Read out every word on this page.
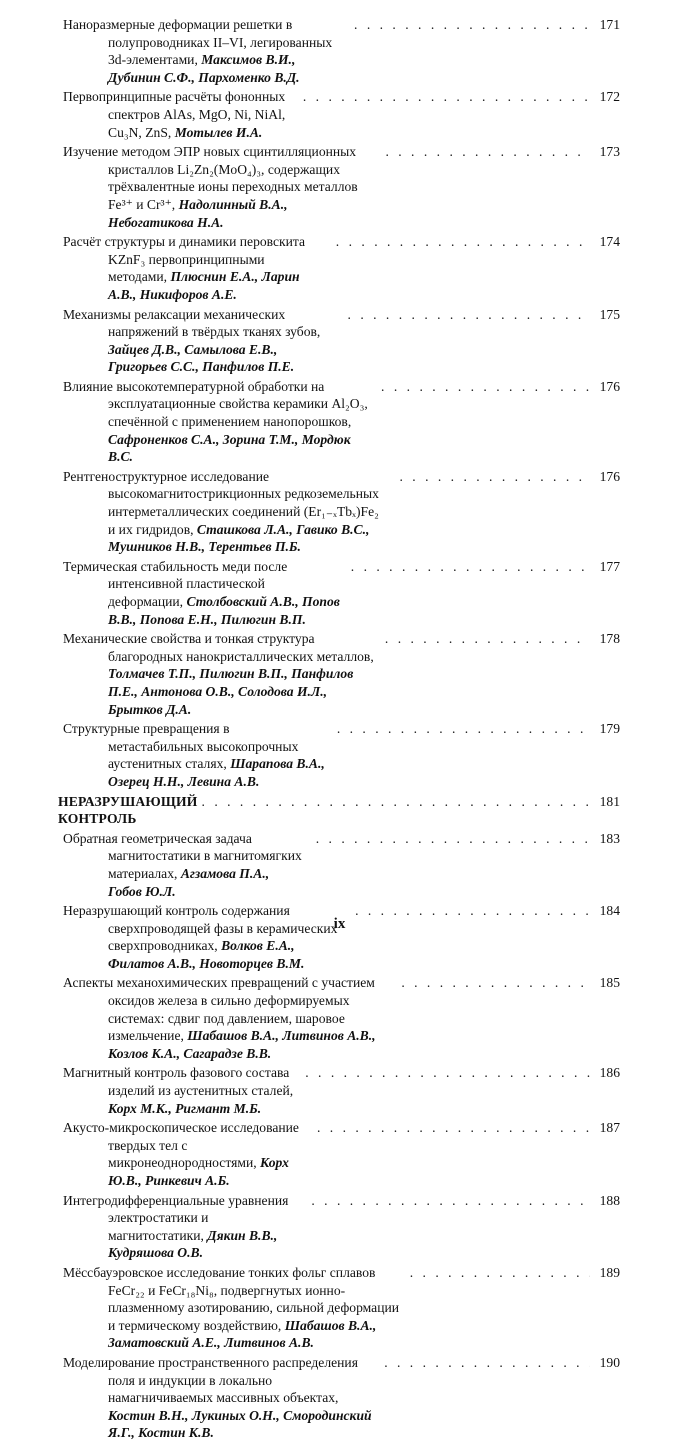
Наноразмерные деформации решетки в полупроводниках II–VI, легированных 3d-элементами, Максимов В.И., Дубинин С.Ф., Пархоменко В.Д.
. . .
171
Первопринципные расчёты фононных спектров AlAs, MgO, Ni, NiAl, Cu₃N, ZnS, Мотылев И.А.
. . .
172
Изучение методом ЭПР новых сцинтилляционных кристаллов Li₂Zn₂(MoO₄)₃, содержащих трёхвалентные ионы переходных металлов Fe³⁺ и Cr³⁺, Надолинный В.А., Небогатикова Н.А.
. . .
173
Расчёт структуры и динамики перовскита KZnF₃ первопринципными методами, Плюснин Е.А., Ларин А.В., Никифоров А.Е.
. . .
174
Механизмы релаксации механических напряжений в твёрдых тканях зубов, Зайцев Д.В., Самылова Е.В., Григорьев С.С., Панфилов П.Е.
. . .
175
Влияние высокотемпературной обработки на эксплуатационные свойства керамики Al₂O₃, спечённой с применением нанопорошков, Сафроненков С.А., Зорина Т.М., Мордюк В.С.
. . .
176
Рентгеноструктурное исследование высокомагнитострикционных редкоземельных интерметаллических соединений (Er₁₋ₓTbₓ)Fe₂ и их гидридов, Сташкова Л.А., Гавико В.С., Мушников Н.В., Терентьев П.Б.
. . .
176
Термическая стабильность меди после интенсивной пластической деформации, Столбовский А.В., Попов В.В., Попова Е.Н., Пилюгин В.П.
. . .
177
Механические свойства и тонкая структура благородных нанокристаллических металлов, Толмачев Т.П., Пилюгин В.П., Панфилов П.Е., Антонова О.В., Солодова И.Л., Брытков Д.А.
. . .
178
Структурные превращения в метастабильных высокопрочных аустенитных сталях, Шарапова В.А., Озерец Н.Н., Левина А.В.
. . .
179
НЕРАЗРУШАЮЩИЙ КОНТРОЛЬ
. . .
181
Обратная геометрическая задача магнитостатики в магнитомягких материалах, Агзамова П.А., Гобов Ю.Л.
. . .
183
Неразрушающий контроль содержания сверхпроводящей фазы в керамических сверхпроводниках, Волков Е.А., Филатов А.В., Новоторцев В.М.
. . .
184
Аспекты механохимических превращений с участием оксидов железа в сильно деформируемых системах: сдвиг под давлением, шаровое измельчение, Шабашов В.А., Литвинов А.В., Козлов К.А., Сагарадзе В.В.
. . .
185
Магнитный контроль фазового состава изделий из аустенитных сталей, Корх М.К., Ригмант М.Б.
. . .
186
Акусто-микроскопическое исследование твердых тел с микронеоднородностями, Корх Ю.В., Ринкевич А.Б.
. . .
187
Интегродифференциальные уравнения электростатики и магнитостатики, Дякин В.В., Кудряшова О.В.
. . .
188
Мёссбауэровское исследование тонких фольг сплавов FeCr₂₂ и FeCr₁₈Ni₈, подвергнутых ионно-плазменному азотированию, сильной деформации и термическому воздействию, Шабашов В.А., Заматовский А.Е., Литвинов А.В.
. . .
189
Моделирование пространственного распределения поля и индукции в локально намагничиваемых массивных объектах, Костин В.Н., Лукиных О.Н., Смородинский Я.Г., Костин К.В.
. . .
190
ix
